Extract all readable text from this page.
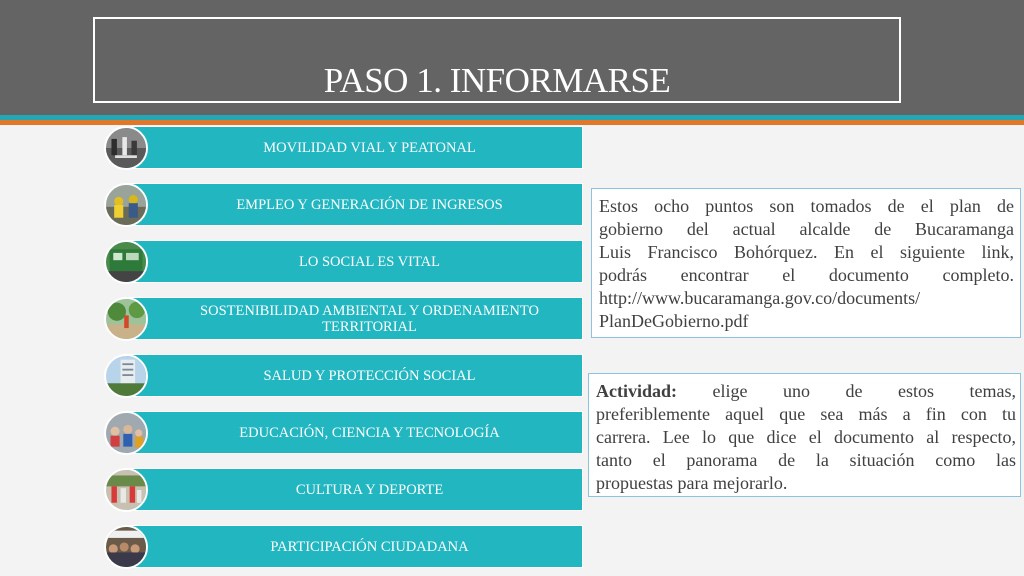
PASO 1. INFORMARSE
MOVILIDAD VIAL Y PEATONAL
EMPLEO Y GENERACIÓN DE INGRESOS
LO SOCIAL ES VITAL
SOSTENIBILIDAD AMBIENTAL Y ORDENAMIENTO TERRITORIAL
SALUD Y PROTECCIÓN SOCIAL
EDUCACIÓN, CIENCIA Y TECNOLOGÍA
CULTURA Y DEPORTE
PARTICIPACIÓN CIUDADANA
Estos ocho puntos son tomados de el plan de
gobierno del actual alcalde de Bucaramanga
Luis Francisco Bohórquez. En el siguiente link,
podrás encontrar el documento completo.
http://www.bucaramanga.gov.co/documents/
PlanDeGobierno.pdf
Actividad: elige uno de estos temas,
preferiblemente aquel que sea más a fin con tu
carrera. Lee lo que dice el documento al respecto,
tanto el panorama de la situación como las
propuestas para mejorarlo.
